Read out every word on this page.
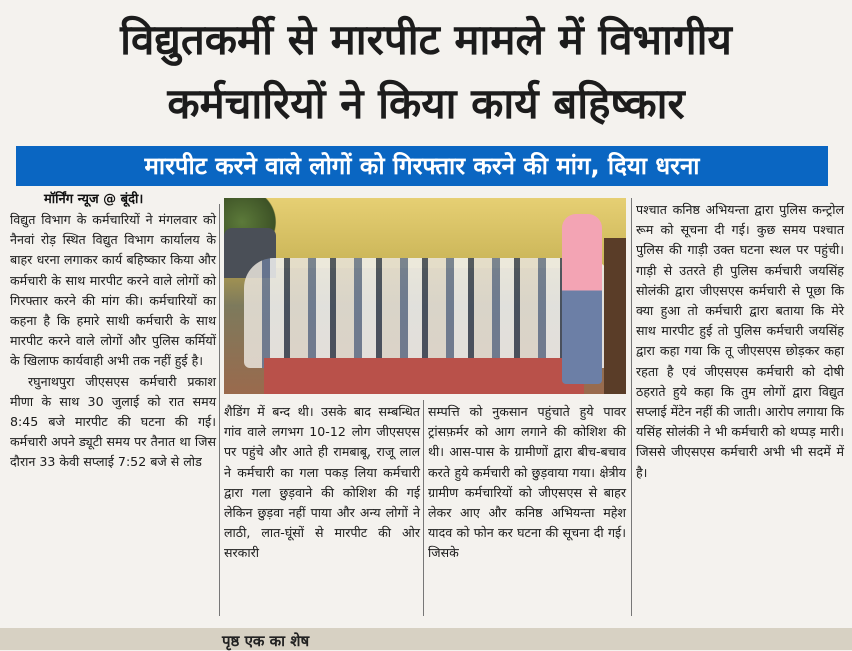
विद्युतकर्मी से मारपीट मामले में विभागीय
कर्मचारियों ने किया कार्य बहिष्कार
मारपीट करने वाले लोगों को गिरफ्तार करने की मांग, दिया धरना
मॉर्निंग न्यूज @ बूंदी।

विद्युत विभाग के कर्मचारियों ने मंगलवार को नैनवां रोड़ स्थित विद्युत विभाग कार्यालय के बाहर धरना लगाकर कार्य बहिष्कार किया और कर्मचारी के साथ मारपीट करने वाले लोगों को गिरफ्तार करने की मांग की। कर्मचारियों का कहना है कि हमारे साथी कर्मचारी के साथ मारपीट करने वाले लोगों और पुलिस कर्मियों के खिलाफ कार्यवाही अभी तक नहीं हुई है।

रघुनाथपुरा जीएसएस कर्मचारी प्रकाश मीणा के साथ 30 जुलाई को रात समय 8:45 बजे मारपीट की घटना की गई। कर्मचारी अपने ड्यूटी समय पर तैनात था जिस दौरान 33 केवी सप्लाई 7:52 बजे से लोड

शैडिंग में बन्द थी। उसके बाद सम्बन्धित गांव वाले लगभग 10-12 लोग जीएसएस पर पहुंचे और आते ही रामबाबू, राजू लाल ने कर्मचारी का गला पकड़ लिया कर्मचारी द्वारा गला छुड़वाने की कोशिश की गई लेकिन छुड़वा नहीं पाया और अन्य लोगों ने लाठी, लात-घूंसों से मारपीट की ओर सरकारी
सम्पत्ति को नुकसान पहुंचाते हुये पावर ट्रांसफ़र्मर को आग लगाने की कोशिश की थी। आस-पास के ग्रामीणों द्वारा बीच-बचाव करते हुये कर्मचारी को छुड़वाया गया। क्षेत्रीय ग्रामीण कर्मचारियों को जीएसएस से बाहर लेकर आए और कनिष्ठ अभियन्ता महेश यादव को फोन कर घटना की सूचना दी गई। जिसके
पश्चात कनिष्ठ अभियन्ता द्वारा पुलिस कन्ट्रोल रूम को सूचना दी गई। कुछ समय पश्चात पुलिस की गाड़ी उक्त घटना स्थल पर पहुंची। गाड़ी से उतरते ही पुलिस कर्मचारी जयसिंह सोलंकी द्वारा जीएसएस कर्मचारी से पूछा कि क्या हुआ तो कर्मचारी द्वारा बताया कि मेरे साथ मारपीट हुई तो पुलिस कर्मचारी जयसिंह द्वारा कहा गया कि तू जीएसएस छोड़कर कहा रहता है एवं जीएसएस कर्मचारी को दोषी ठहराते हुये कहा कि तुम लोगों द्वारा विद्युत सप्लाई मेंटेन नहीं की जाती। आरोप लगाया कि यसिंह सोलंकी ने भी कर्मचारी को थप्पड़ मारी। जिससे जीएसएस कर्मचारी अभी भी सदमें में है।
पृष्ठ एक का शेष
